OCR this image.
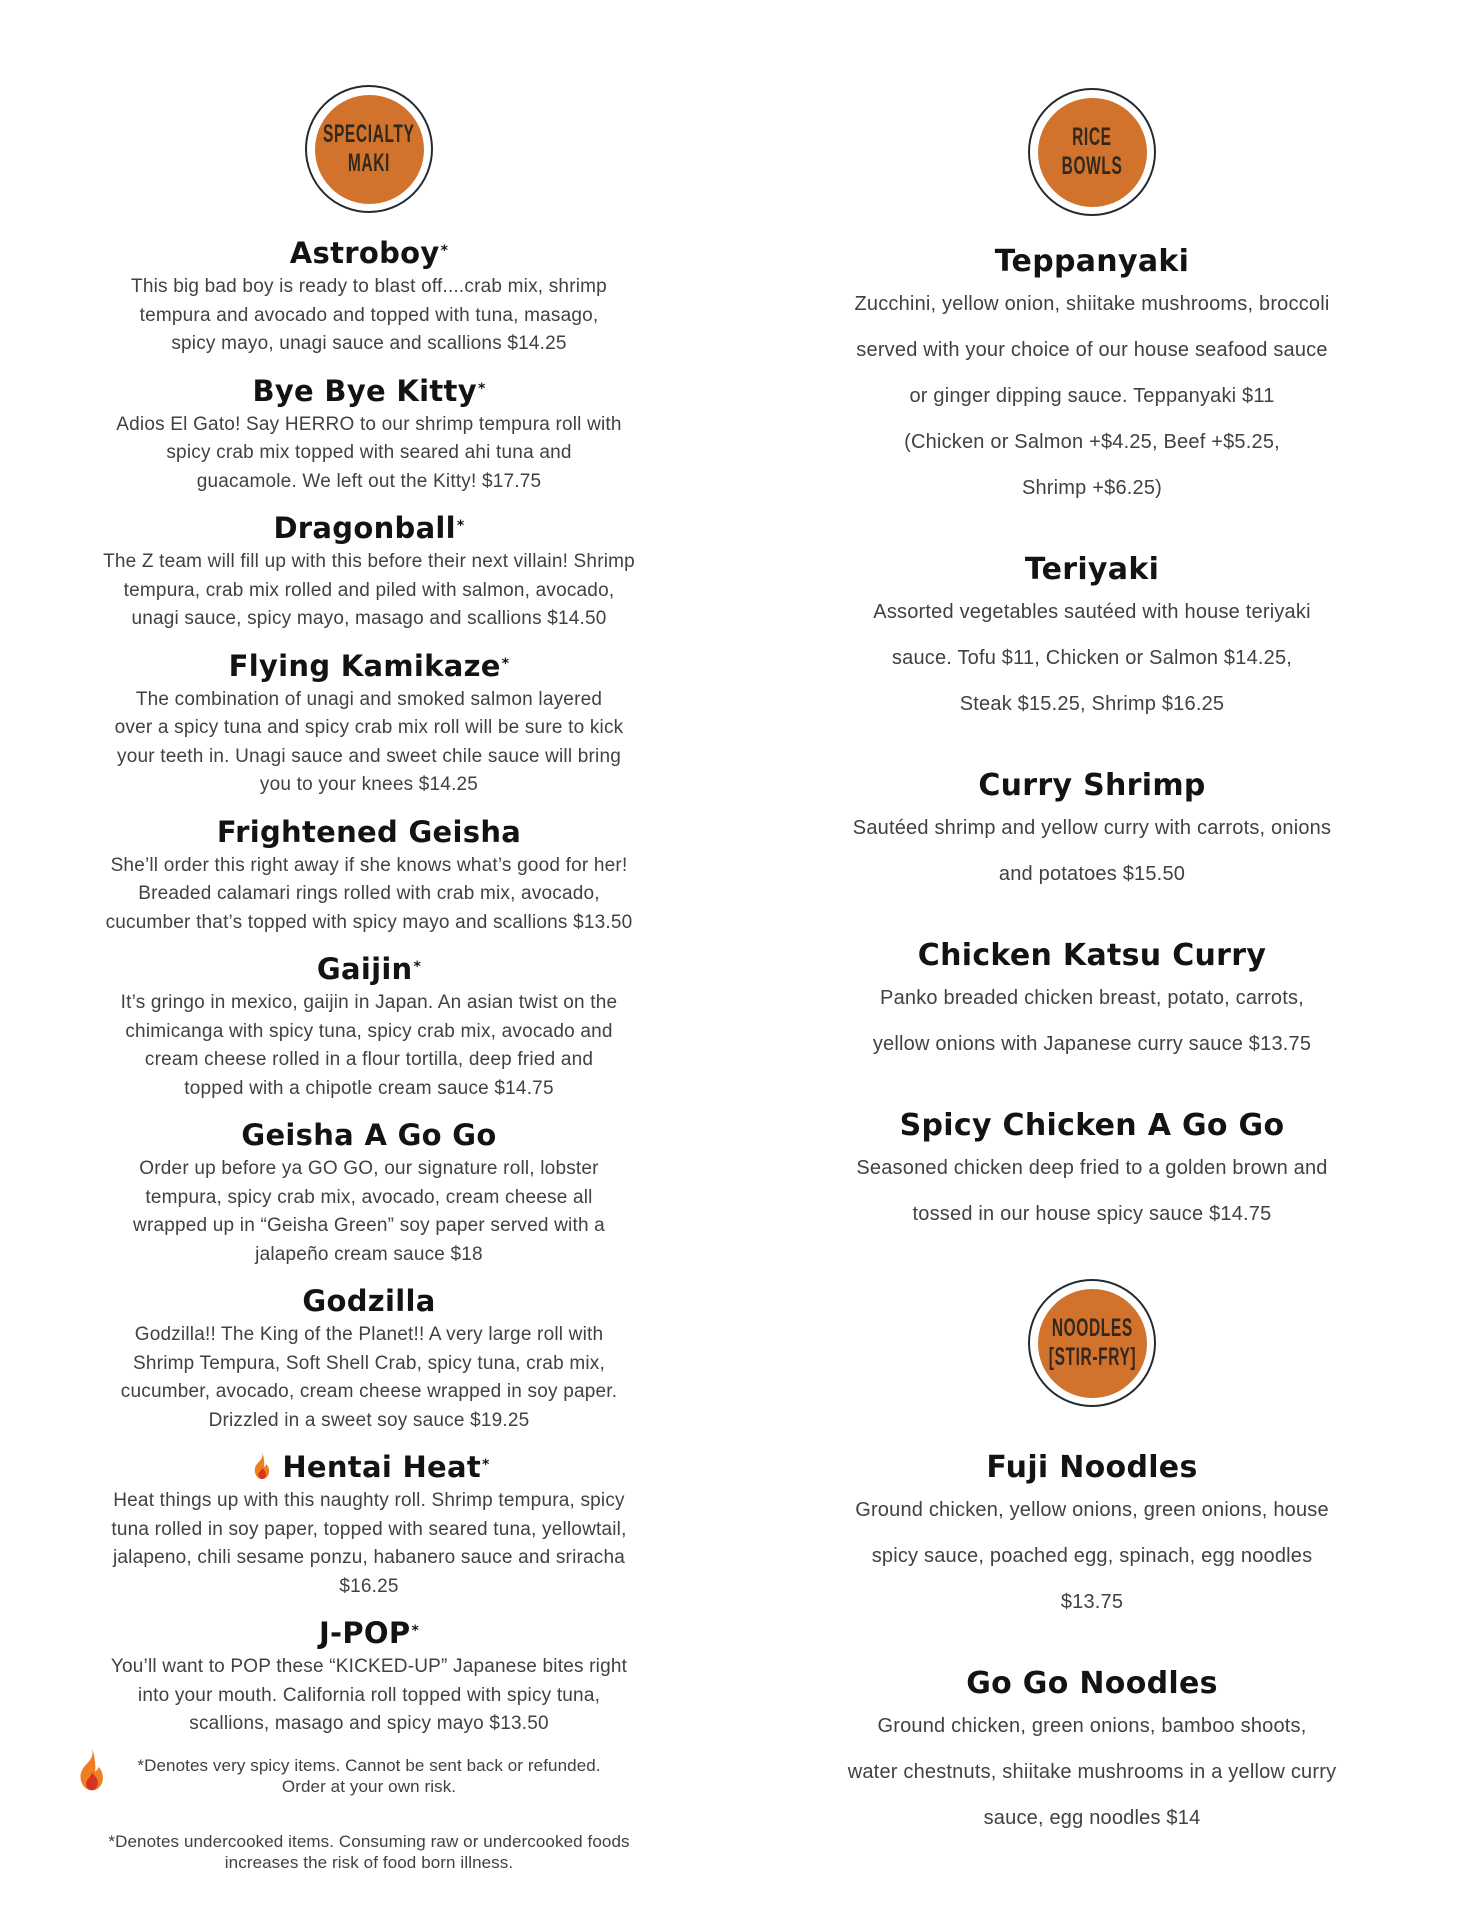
SPECIALTY
MAKI
Astroboy*
This big bad boy is ready to blast off....crab mix, shrimp
tempura and avocado and topped with tuna, masago,
spicy mayo, unagi sauce and scallions $14.25
Bye Bye Kitty*
Adios El Gato! Say HERRO to our shrimp tempura roll with
spicy crab mix topped with seared ahi tuna and
guacamole. We left out the Kitty! $17.75
Dragonball*
The Z team will fill up with this before their next villain! Shrimp
tempura, crab mix rolled and piled with salmon, avocado,
unagi sauce, spicy mayo, masago and scallions $14.50
Flying Kamikaze*
The combination of unagi and smoked salmon layered
over a spicy tuna and spicy crab mix roll will be sure to kick
your teeth in. Unagi sauce and sweet chile sauce will bring
you to your knees $14.25
Frightened Geisha
She’ll order this right away if she knows what’s good for her!
Breaded calamari rings rolled with crab mix, avocado,
cucumber that’s topped with spicy mayo and scallions $13.50
Gaijin*
It’s gringo in mexico, gaijin in Japan. An asian twist on the
chimicanga with spicy tuna, spicy crab mix, avocado and
cream cheese rolled in a flour tortilla, deep fried and
topped with a chipotle cream sauce $14.75
Geisha A Go Go
Order up before ya GO GO, our signature roll, lobster
tempura, spicy crab mix, avocado, cream cheese all
wrapped up in “Geisha Green” soy paper served with a
jalapeño cream sauce $18
Godzilla
Godzilla!! The King of the Planet!! A very large roll with
Shrimp Tempura, Soft Shell Crab, spicy tuna, crab mix,
cucumber, avocado, cream cheese wrapped in soy paper.
Drizzled in a sweet soy sauce $19.25
Hentai Heat*
Heat things up with this naughty roll. Shrimp tempura, spicy
tuna rolled in soy paper, topped with seared tuna, yellowtail,
jalapeno, chili sesame ponzu, habanero sauce and sriracha
$16.25
J-POP*
You’ll want to POP these “KICKED-UP” Japanese bites right
into your mouth. California roll topped with spicy tuna,
scallions, masago and spicy mayo $13.50
*Denotes very spicy items. Cannot be sent back or refunded.
Order at your own risk.
*Denotes undercooked items. Consuming raw or undercooked foods
increases the risk of food born illness.
RICE
BOWLS
Teppanyaki
Zucchini, yellow onion, shiitake mushrooms, broccoli
served with your choice of our house seafood sauce
or ginger dipping sauce. Teppanyaki $11
(Chicken or Salmon +$4.25, Beef +$5.25,
Shrimp +$6.25)
Teriyaki
Assorted vegetables sautéed with house teriyaki
sauce. Tofu $11, Chicken or Salmon $14.25,
Steak $15.25, Shrimp $16.25
Curry Shrimp
Sautéed shrimp and yellow curry with carrots, onions
and potatoes $15.50
Chicken Katsu Curry
Panko breaded chicken breast, potato, carrots,
yellow onions with Japanese curry sauce $13.75
Spicy Chicken A Go Go
Seasoned chicken deep fried to a golden brown and
tossed in our house spicy sauce $14.75
NOODLES
[STIR-FRY]
Fuji Noodles
Ground chicken, yellow onions, green onions, house
spicy sauce, poached egg, spinach, egg noodles
$13.75
Go Go Noodles
Ground chicken, green onions, bamboo shoots,
water chestnuts, shiitake mushrooms in a yellow curry
sauce, egg noodles $14
